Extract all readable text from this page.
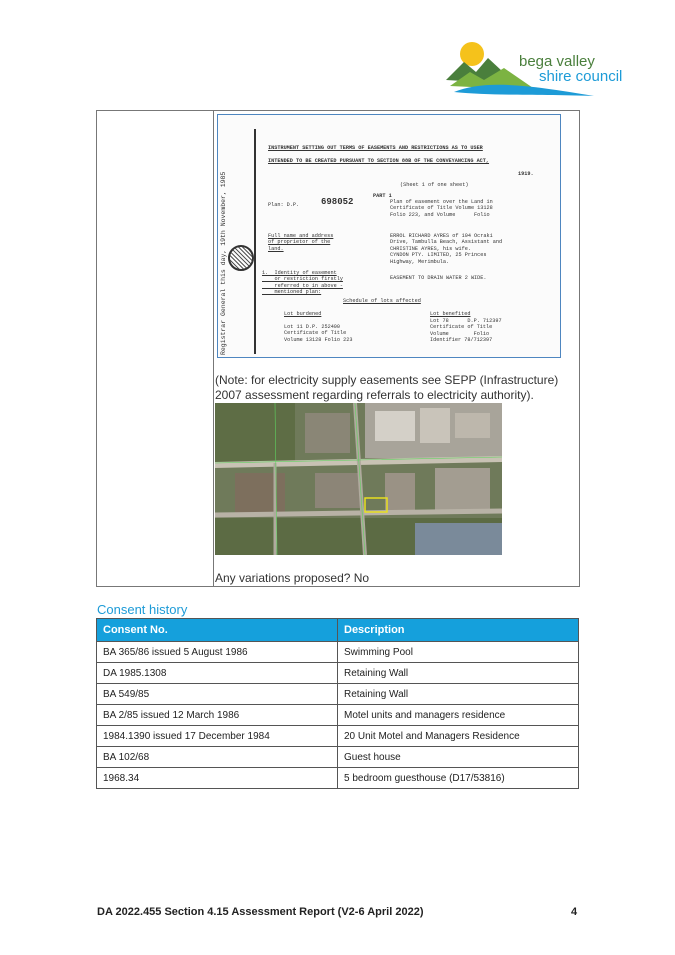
bega valley
shire council
Registrar General this day, 19th November, 1985
INSTRUMENT SETTING OUT TERMS OF EASEMENTS AND RESTRICTIONS AS TO USER
INTENDED TO BE CREATED PURSUANT TO SECTION 88B OF THE CONVEYANCING ACT,
1919.
(Sheet 1 of one sheet)
PART 1
Plan: D.P. 698052	Plan of easement over the Land in
Certificate of Title Volume 13128
Folio 223, and Volume      Folio
Full name and address
of proprietor of the
land.
ERROL RICHARD AYRES of 104 Ocraki
Drive, Tambulla Beach, Assistant and
CHRISTINE AYRES, his wife.
CYNDON PTY. LIMITED, 25 Princes
Highway, Merimbula.
1.  Identity of easement
or restriction firstly
referred to in above -
mentioned plan:
EASEMENT TO DRAIN WATER 2 WIDE.
Schedule of lots affected
Lot burdened
Lot 11 D.P. 252400
Certificate of Title
Volume 13128 Folio 223
Lot benefited
Lot 78      D.P. 712397
Certificate of Title
Volume        Folio
Identifier 78/712397
(Note: for electricity supply easements see SEPP (Infrastructure) 2007 assessment regarding referrals to electricity authority).
Any variations proposed? No
Consent history
Consent No.	Description
BA 365/86 issued 5 August 1986	Swimming Pool
DA 1985.1308	Retaining Wall
BA 549/85	Retaining Wall
BA 2/85 issued 12 March 1986	Motel units and managers residence
1984.1390 issued 17 December 1984	20 Unit Motel and Managers Residence
BA 102/68	Guest house
1968.34	5 bedroom guesthouse (D17/53816)
DA 2022.455 Section 4.15 Assessment Report (V2-6 April 2022)	4
